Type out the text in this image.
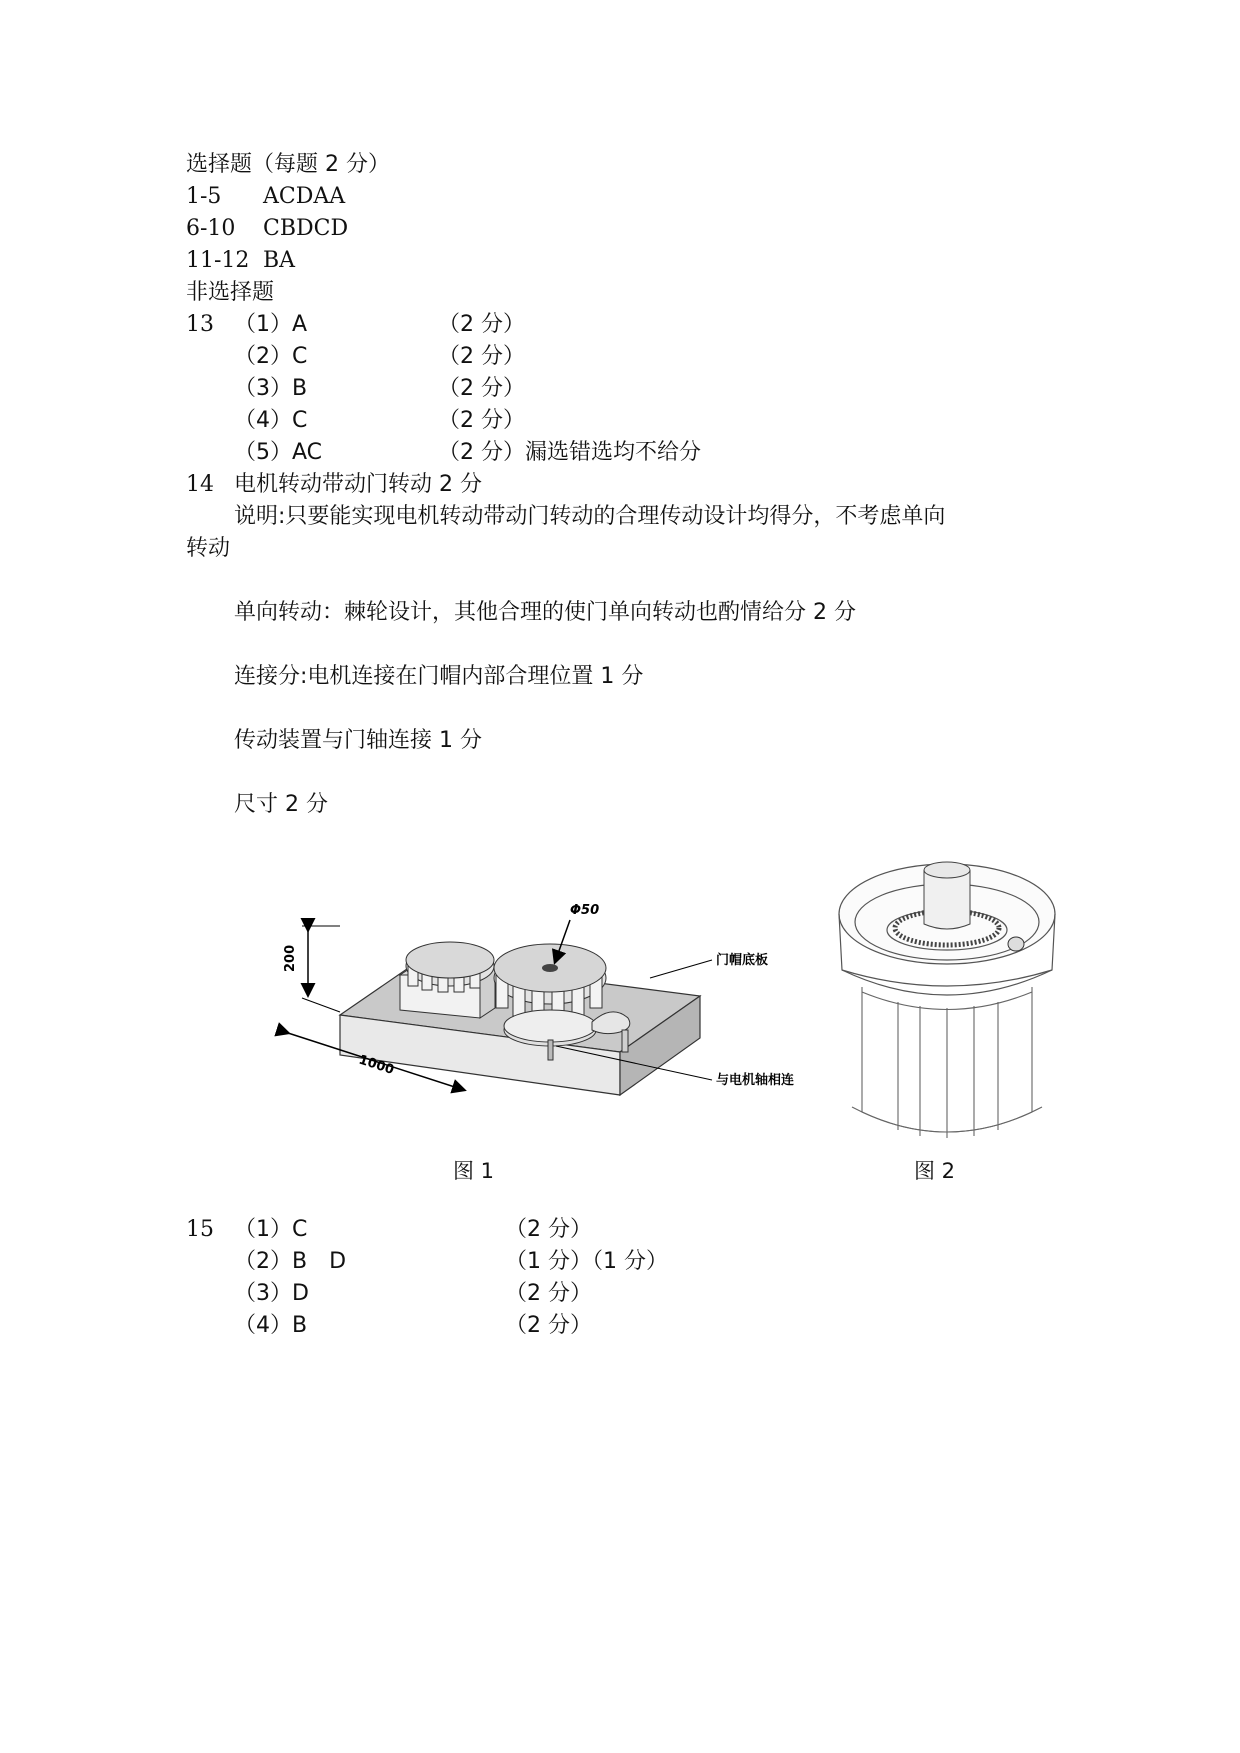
选择题（每题 2 分）
1-5 ACDAA
6-10 CBDCD
11-12 BA
非选择题
13 （1）A	（2 分）
（2）C	（2 分）
（3）B	（2 分）
（4）C	（2 分）
（5）AC	（2 分）漏选错选均不给分
14 电机转动带动门转动 2 分
说明:只要能实现电机转动带动门转动的合理传动设计均得分，不考虑单向
转动
单向转动：棘轮设计，其他合理的使门单向转动也酌情给分 2 分
连接分:电机连接在门帽内部合理位置 1 分
传动装置与门轴连接 1 分
尺寸 2 分
200
1000
Φ50
门帽底板
与电机轴相连
图 1	图 2
15 （1）C	（2 分）
（2）B　D	（1 分）（1 分）
（3）D	（2 分）
（4）B	（2 分）
